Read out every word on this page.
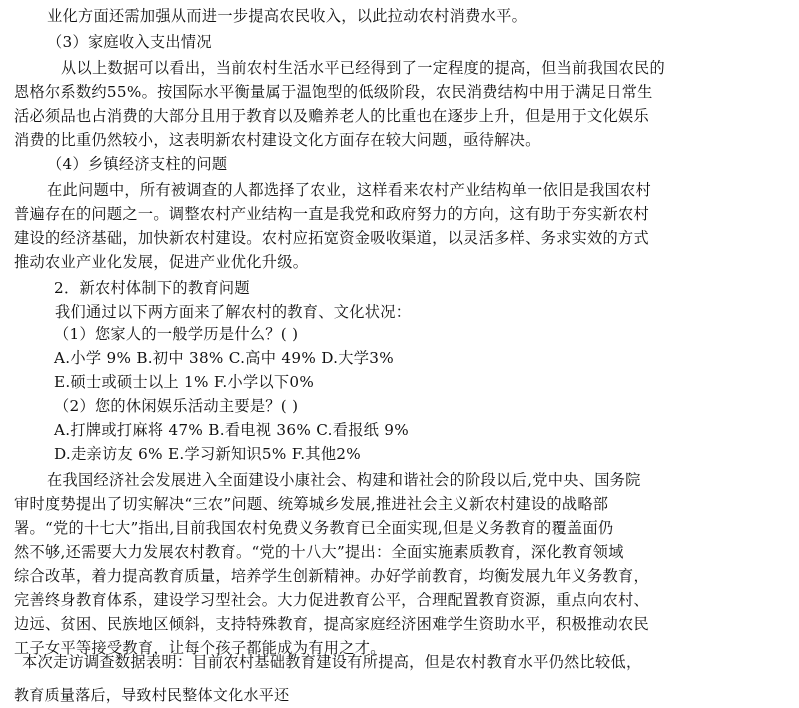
业化方面还需加强从而进一步提高农民收入，以此拉动农村消费水平。
（3）家庭收入支出情况
从以上数据可以看出，当前农村生活水平已经得到了一定程度的提高，但当前我国农民的
恩格尔系数约55%。按国际水平衡量属于温饱型的低级阶段，农民消费结构中用于满足日常生
活必须品也占消费的大部分且用于教育以及赡养老人的比重也在逐步上升，但是用于文化娱乐
消费的比重仍然较小，这表明新农村建设文化方面存在较大问题，亟待解决。
（4）乡镇经济支柱的问题
在此问题中，所有被调查的人都选择了农业，这样看来农村产业结构单一依旧是我国农村
普遍存在的问题之一。调整农村产业结构一直是我党和政府努力的方向，这有助于夯实新农村
建设的经济基础，加快新农村建设。农村应拓宽资金吸收渠道，以灵活多样、务求实效的方式
推动农业产业化发展，促进产业优化升级。
2．新农村体制下的教育问题
我们通过以下两方面来了解农村的教育、文化状况：
（1）您家人的一般学历是什么？( )
A.小学 9% B.初中 38% C.高中 49% D.大学3%
E.硕士或硕士以上 1% F.小学以下0%
（2）您的休闲娱乐活动主要是？( )
A.打牌或打麻将 47% B.看电视 36% C.看报纸 9%
D.走亲访友 6% E.学习新知识5% F.其他2%
在我国经济社会发展进入全面建设小康社会、构建和谐社会的阶段以后,党中央、国务院
审时度势提出了切实解决“三农”问题、统筹城乡发展,推进社会主义新农村建设的战略部
署。“党的十七大”指出,目前我国农村免费义务教育已全面实现,但是义务教育的覆盖面仍
然不够,还需要大力发展农村教育。“党的十八大”提出：全面实施素质教育，深化教育领域
综合改革，着力提高教育质量，培养学生创新精神。办好学前教育，均衡发展九年义务教育，
完善终身教育体系，建设学习型社会。大力促进教育公平，合理配置教育资源，重点向农村、
边远、贫困、民族地区倾斜，支持特殊教育，提高家庭经济困难学生资助水平，积极推动农民
工子女平等接受教育，让每个孩子都能成为有用之才。
本次走访调查数据表明：目前农村基础教育建设有所提高，但是农村教育水平仍然比较低，
教育质量落后，导致村民整体文化水平还
